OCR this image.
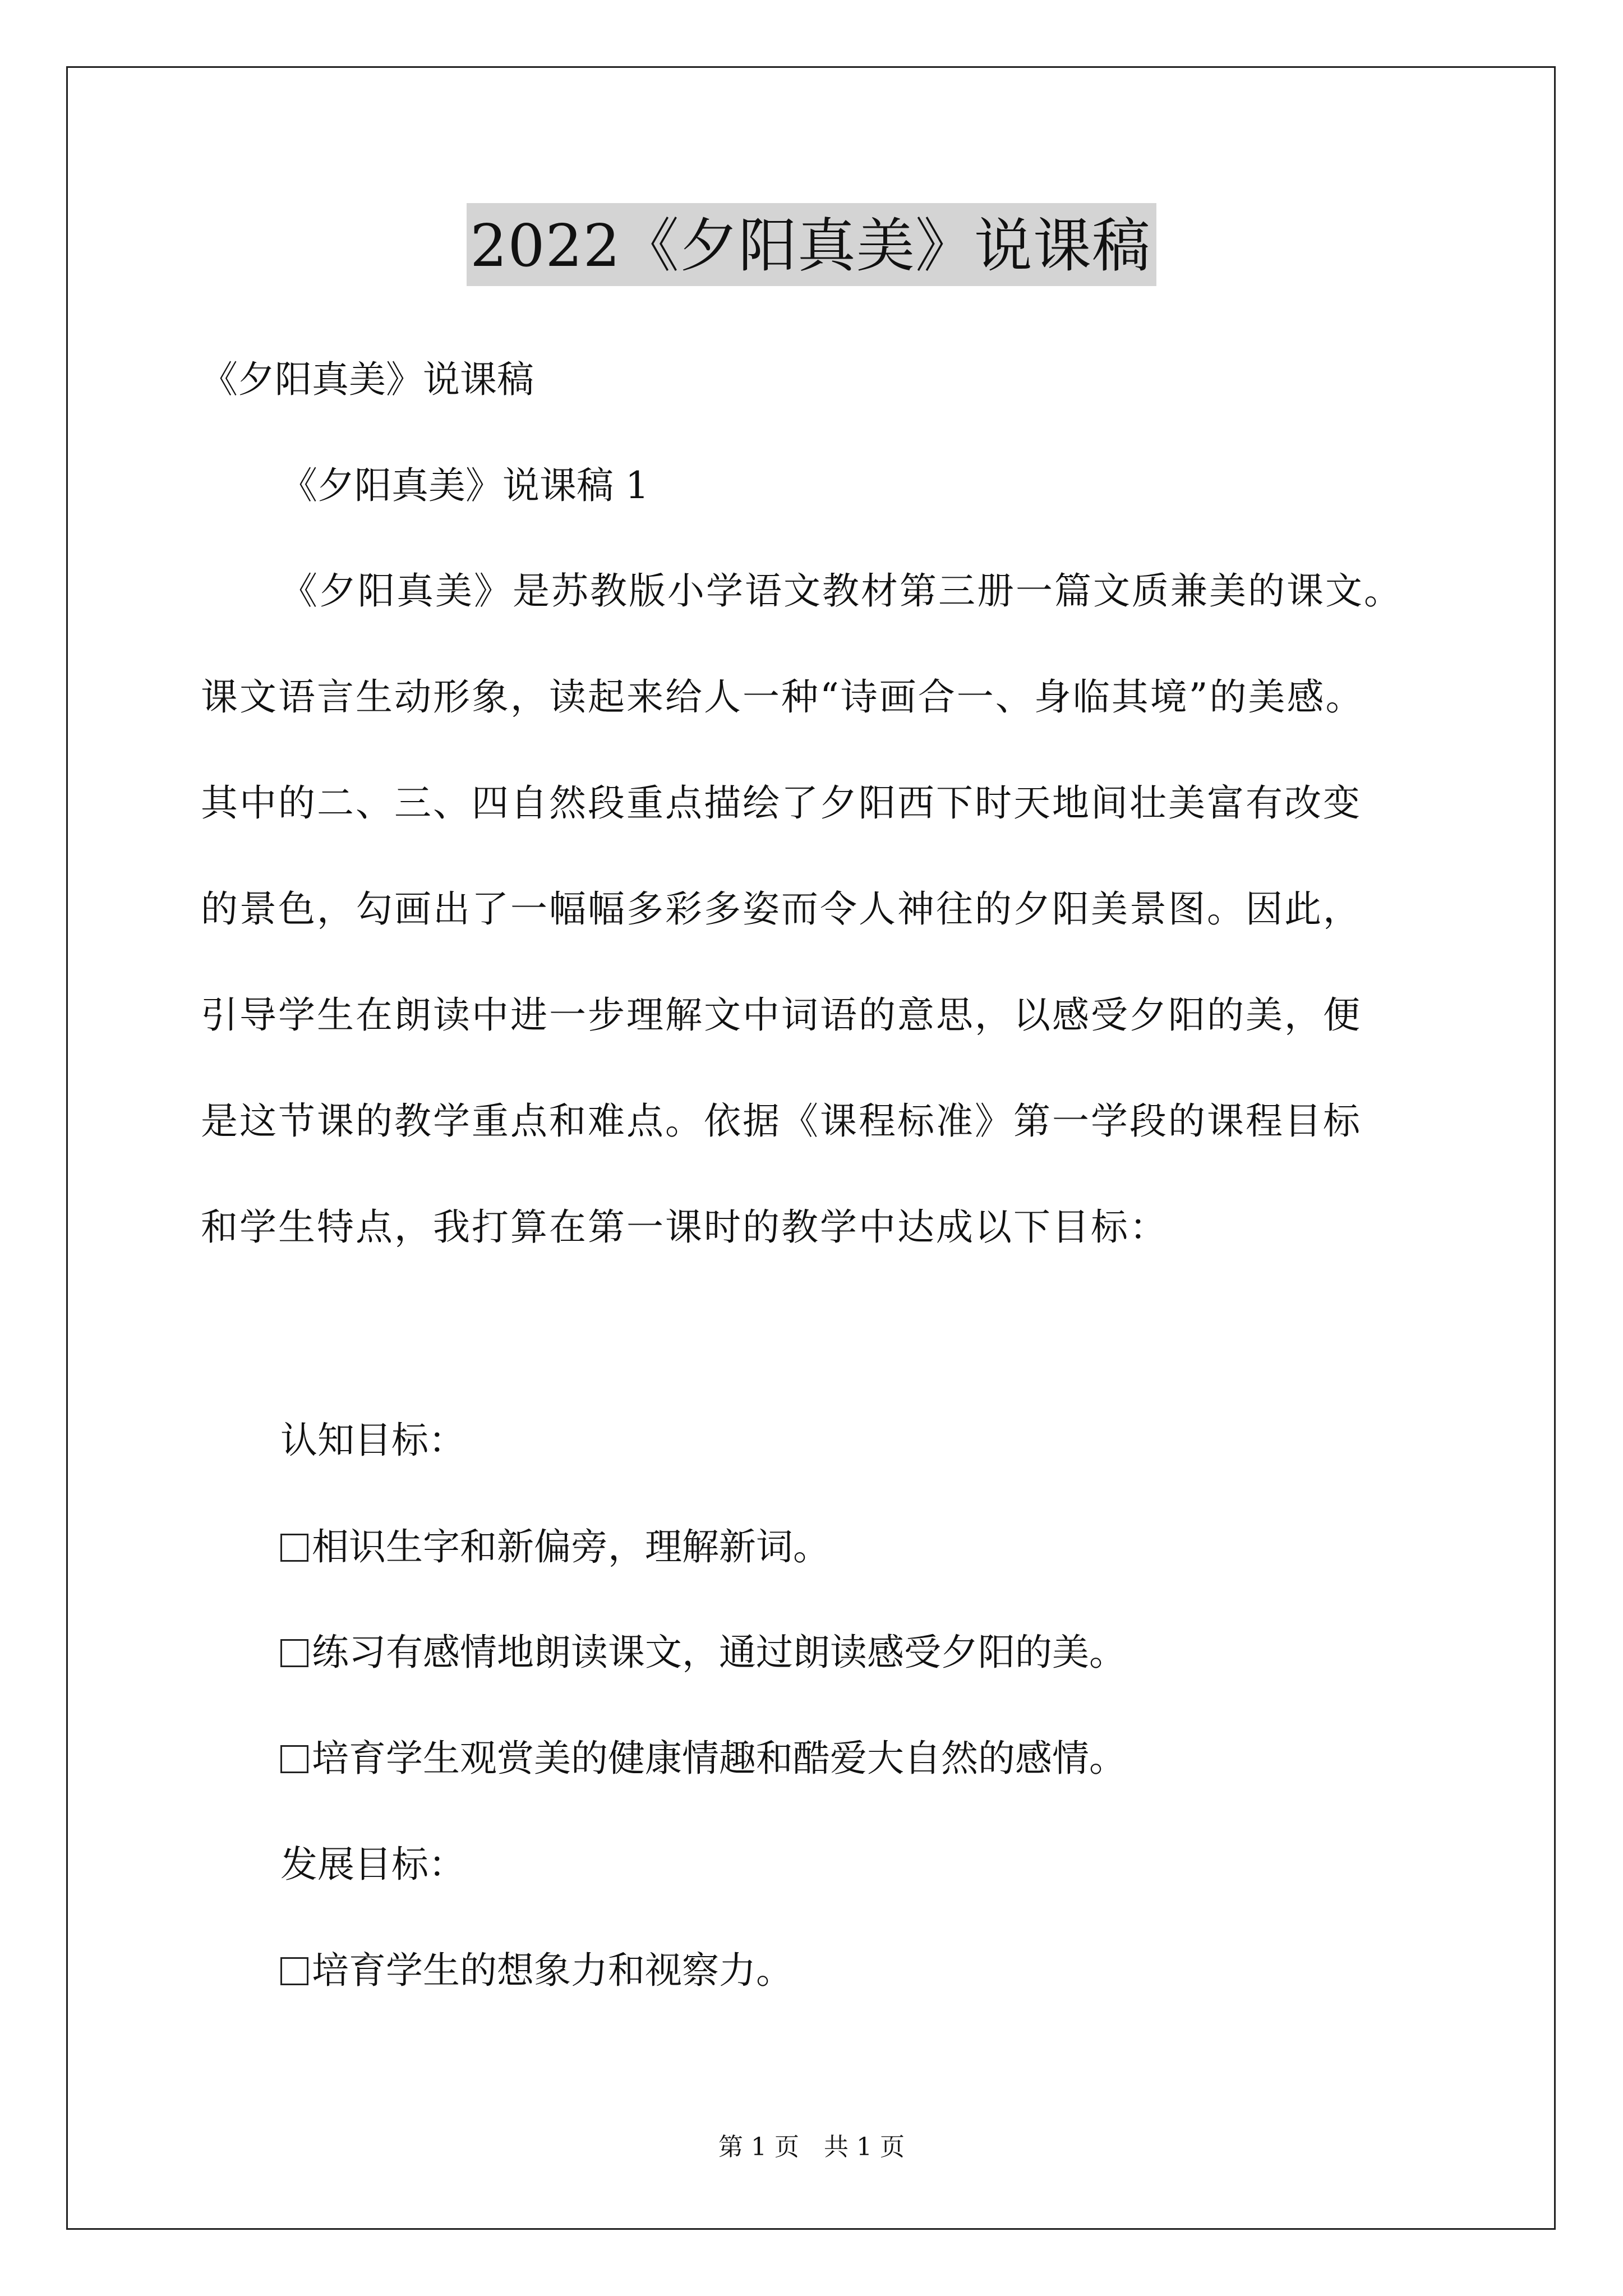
2022《夕阳真美》说课稿
《夕阳真美》说课稿
《夕阳真美》说课稿 1
《夕阳真美》是苏教版小学语文教材第三册一篇文质兼美的课文。
课文语言生动形象，读起来给人一种“诗画合一、身临其境”的美感。
其中的二、三、四自然段重点描绘了夕阳西下时天地间壮美富有改变
的景色，勾画出了一幅幅多彩多姿而令人神往的夕阳美景图。因此，
引导学生在朗读中进一步理解文中词语的意思，以感受夕阳的美，便
是这节课的教学重点和难点。依据《课程标准》第一学段的课程目标
和学生特点，我打算在第一课时的教学中达成以下目标：
认知目标：
相识生字和新偏旁，理解新词。
练习有感情地朗读课文，通过朗读感受夕阳的美。
培育学生观赏美的健康情趣和酷爱大自然的感情。
发展目标：
培育学生的想象力和视察力。
第 1 页　共 1 页
